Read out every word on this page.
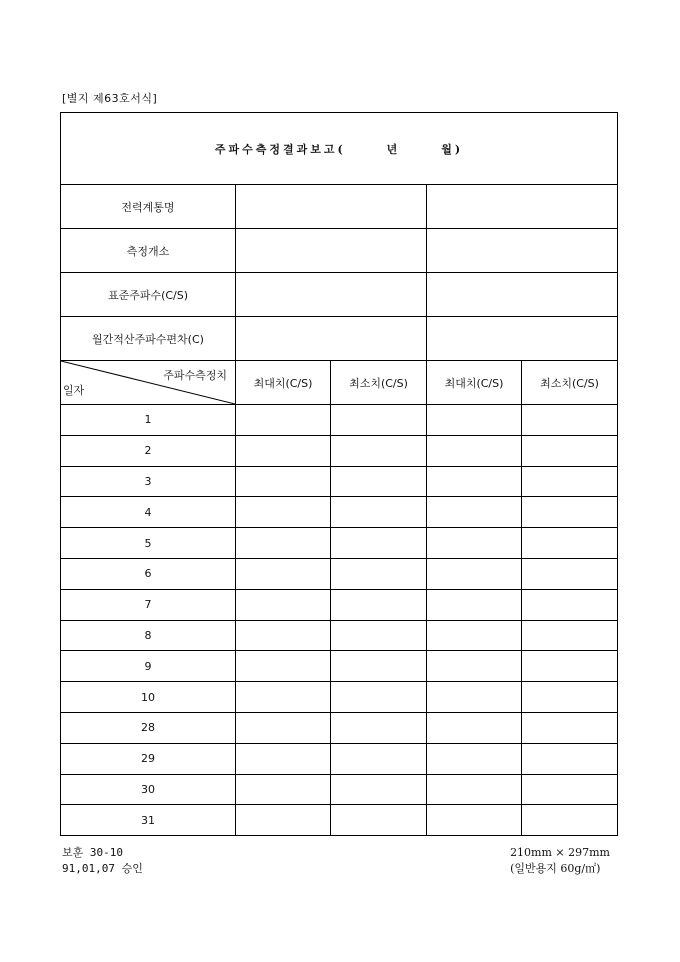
[별지 제63호서식]
주파수측정결과보고( 년 월)				
전력계통명				
측정개소				
표준주파수(C/S)				
월간적산주파수편차(C)				

주파수측정치
일자	최대치(C/S)	최소치(C/S)	최대치(C/S)	최소치(C/S)
1				
2				
3				
4				
5				
6				
7				
8				
9				
10				
28				
29				
30				
31				
보훈 30-10
91,01,07 승인
210mm × 297mm
(일반용지 60g/㎡)
